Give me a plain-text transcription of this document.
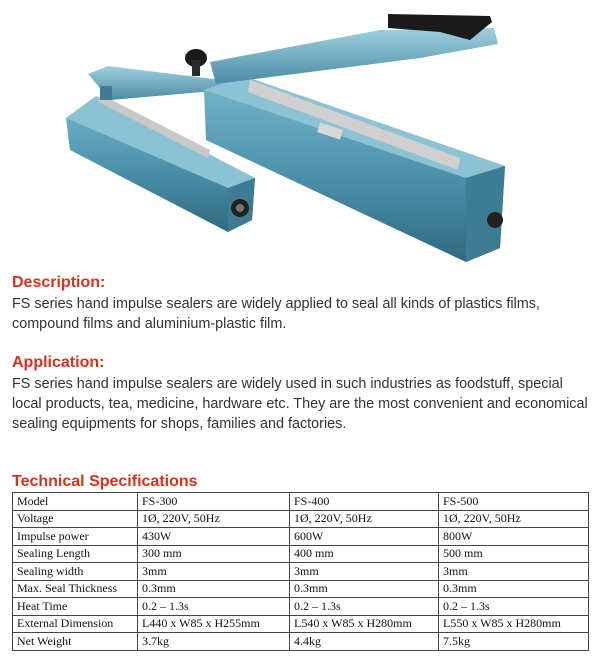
Description:
FS series hand impulse sealers are widely applied to seal all kinds of plastics films,
compound films and aluminium-plastic film.
Application:
FS series hand impulse sealers are widely used in such industries as foodstuff, special
local products, tea, medicine, hardware etc. They are the most convenient and economical
sealing equipments for shops, families and factories.
Technical Specifications
Model	FS-300	FS-400	FS-500
Voltage	1Ø, 220V, 50Hz	1Ø, 220V, 50Hz	1Ø, 220V, 50Hz
Impulse power	430W	600W	800W
Sealing Length	300 mm	400 mm	500 mm
Sealing width	3mm	3mm	3mm
Max. Seal Thickness	0.3mm	0.3mm	0.3mm
Heat Time	0.2 – 1.3s	0.2 – 1.3s	0.2 – 1.3s
External Dimension	L440 x W85 x H255mm	L540 x W85 x H280mm	L550 x W85 x H280mm
Net Weight	3.7kg	4.4kg	7.5kg
